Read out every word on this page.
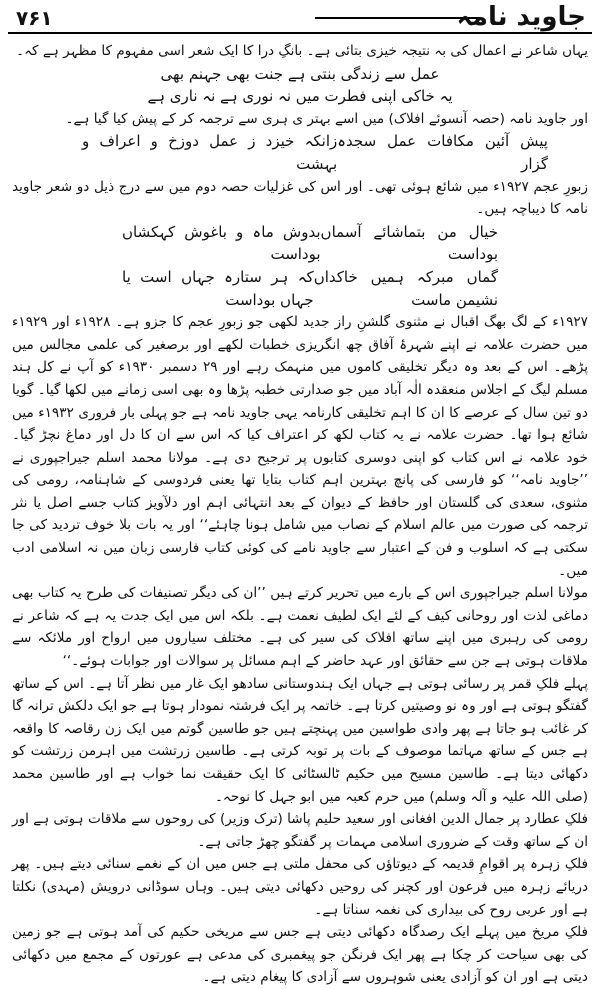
۷۶۱	جاوید نامہ

یہاں شاعر نے اعمال کی بہ نتیجہ خیزی بتائی ہے۔ بانگِ درا کا ایک شعر اسی مفہوم کا مظہر ہے کہ۔

عمل سے زندگی بنتی ہے جنت بھی جہنم بھی

یہ خاکی اپنی فطرت میں نہ نوری ہے نہ ناری ہے

اور جاوید نامہ (حصہ آنسوئے افلاک) میں اسے بہتر ی ہری سے ترجمہ کر کے پیش کیا گیا ہے۔

پیش آئین مکافات عمل سجدہ گزار
زانکہ خیزد ز عمل دوزخ و اعراف و بہشت

زبورِ عجم ۱۹۲۷ء میں شائع ہوئی تھی۔ اور اس کی غزلیات حصہ دوم میں سے درج ذیل دو شعر جاوید نامہ کا دیباچہ ہیں۔

خیال من بتماشائے آسماں بوداست
بدوش ماہ و باغوش کہکشاں بوداست
گماں مبرکہ ہمیں خاکداں نشیمن ماست
کہ ہر ستارہ جہاں است یا جہاں بوداست

۱۹۲۷ء کے لگ بھگ اقبال نے مثنوی گلشنِ راز جدید لکھی جو زبورِ عجم کا جزو ہے۔ ۱۹۲۸ء اور ۱۹۲۹ء میں حضرت علامہ نے اپنے شہرۂ آفاق چھ انگریزی خطبات لکھے اور برصغیر کی علمی مجالس میں پڑھے۔ اس کے بعد وہ دیگر تخلیقی کاموں میں منہمک رہے اور ۲۹ دسمبر ۱۹۳۰ء کو آپ نے کل ہند مسلم لیگ کے اجلاس منعقدہ الٰہ آباد میں جو صدارتی خطبہ پڑھا وہ بھی اسی زمانے میں لکھا گیا۔ گویا دو تین سال کے عرصے کا ان کا اہم تخلیقی کارنامہ یہی جاوید نامہ ہے جو پہلی بار فروری ۱۹۳۲ء میں شائع ہوا تھا۔ حضرت علامہ نے یہ کتاب لکھ کر اعتراف کیا کہ اس سے ان کا دل اور دماغ نچڑ گیا۔ خود علامہ نے اس کتاب کو اپنی دوسری کتابوں پر ترجیح دی ہے۔ مولانا محمد اسلم جیراجپوری نے ’’جاوید نامہ‘‘ کو فارسی کی پانچ بہترین اہم کتاب بتایا تھا یعنی فردوسی کے شاہنامہ، رومی کی مثنوی، سعدی کی گلستان اور حافظ کے دیوان کے بعد انتہائی اہم اور دلآویز کتاب جسے اصل یا نثر ترجمہ کی صورت میں عالم اسلام کے نصاب میں شامل ہونا چاہئے‘‘ اور یہ بات بلا خوف تردید کی جا سکتی ہے کہ اسلوب و فن کے اعتبار سے جاوید نامے کی کوئی کتاب فارسی زبان میں نہ اسلامی ادب میں۔

مولانا اسلم جیراجپوری اس کے بارے میں تحریر کرتے ہیں ’’ان کی دیگر تصنیفات کی طرح یہ کتاب بھی دماغی لذت اور روحانی کیف کے لئے ایک لطیف نعمت ہے۔ بلکہ اس میں ایک جدت یہ ہے کہ شاعر نے رومی کی رہبری میں اپنے ساتھ افلاک کی سیر کی ہے۔ مختلف سیاروں میں ارواح اور ملائکہ سے ملاقات ہوتی ہے جن سے حقائق اور عہد حاضر کے اہم مسائل پر سوالات اور جوابات ہوئے۔‘‘

پہلے فلکِ قمر پر رسائی ہوتی ہے جہاں ایک ہندوستانی سادھو ایک غار میں نظر آتا ہے۔ اس کے ساتھ گفتگو ہوتی ہے اور وہ نو وصیتیں کرتا ہے۔ خاتمہ پر ایک فرشتہ نمودار ہوتا ہے جو ایک دلکش ترانہ گا کر غائب ہو جاتا ہے پھر وادی طواسین میں پہنچتے ہیں جو طاسین گوتم میں ایک زن رقاصہ کا واقعہ ہے جس کے ساتھ مہاتما موصوف کے بات پر توبہ کرتی ہے۔ طاسین زرتشت میں اہرمن زرتشت کو دکھائی دیتا ہے۔ طاسین مسیح میں حکیم ٹالسٹائی کا ایک حقیقت نما خواب ہے اور طاسین محمد (صلی اللہ علیہ و آلہ وسلم) میں حرم کعبہ میں ابو جہل کا نوحہ۔

فلکِ عطارد پر جمال الدین افغانی اور سعید حلیم پاشا (ترک وزیر) کی روحوں سے ملاقات ہوتی ہے اور ان کے ساتھ وقت کے ضروری اسلامی مہمات پر گفتگو چھڑ جاتی ہے۔

فلکِ زہرہ پر اقوامِ قدیمہ کے دیوتاؤں کی محفل ملتی ہے جس میں ان کے نغمے سنائی دیتے ہیں۔ پھر دریائے زہرہ میں فرعون اور کچنر کی روحیں دکھائی دیتی ہیں۔ وہاں سوڈانی درویش (مہدی) نکلتا ہے اور عربی روح کی بیداری کی نغمہ سناتا ہے۔

فلکِ مریخ میں پہلے ایک رصدگاہ دکھائی دیتی ہے جس سے مریخی حکیم کی آمد ہوتی ہے جو زمین کی بھی سیاحت کر چکا ہے پھر ایک فرنگن جو پیغمبری کی مدعی ہے عورتوں کے مجمع میں دکھائی دیتی ہے اور ان کو آزادی یعنی شوہروں سے آزادی کا پیغام دیتی ہے۔
